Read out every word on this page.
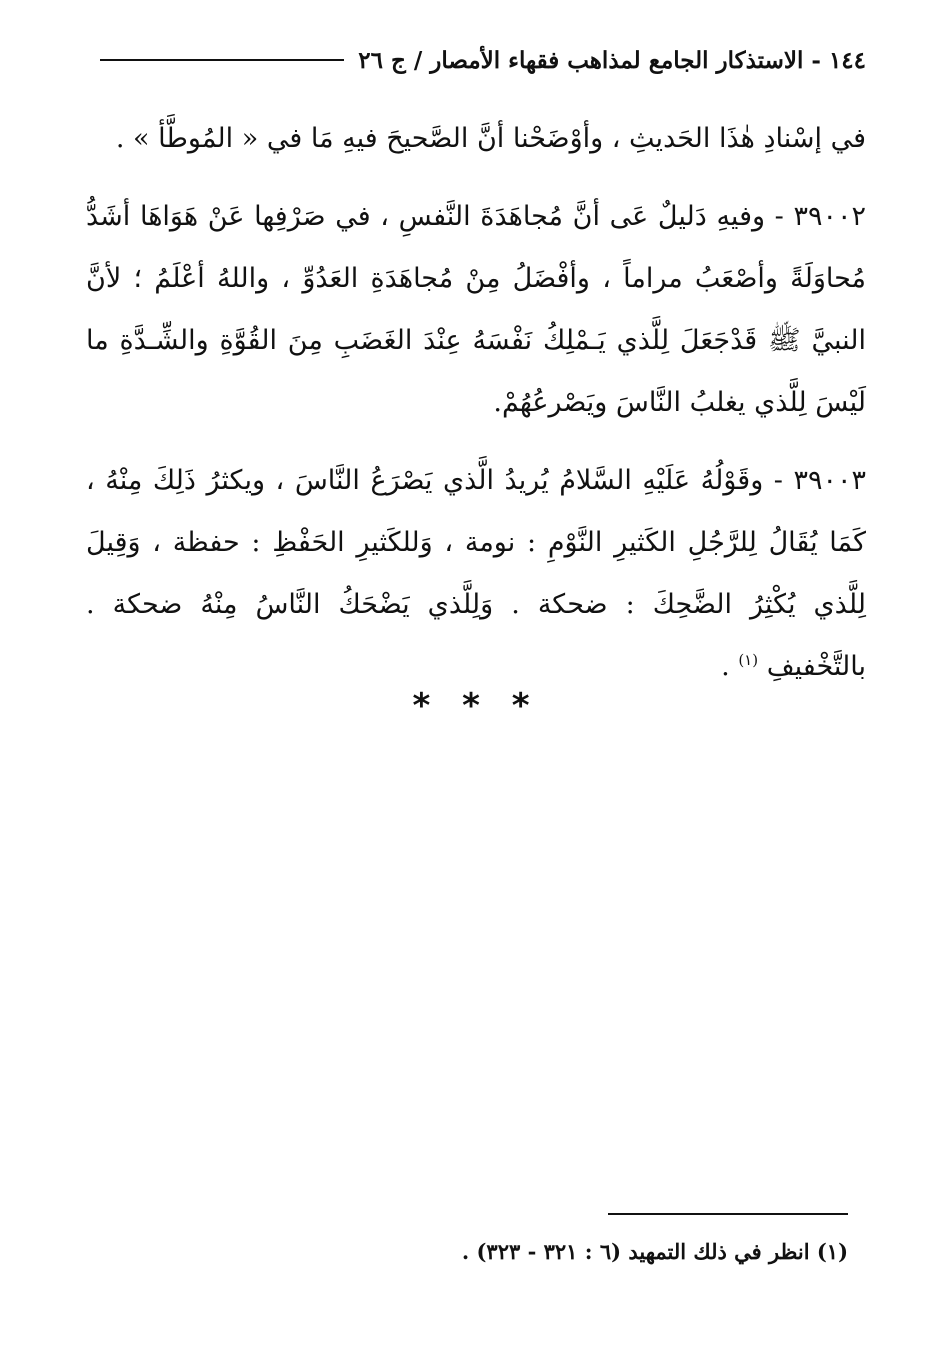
١٤٤ - الاستذكار الجامع لمذاهب فقهاء الأمصار / ج ٢٦

في إسْنادِ هٰذَا الحَديثِ ، وأوْضَحْنا أنَّ الصَّحيحَ فيهِ مَا في « المُوطَّأ » .

٣٩٠٠٢ - وفيهِ دَليلٌ عَى أنَّ مُجاهَدَةَ النَّفسِ ، في صَرْفِها عَنْ هَوَاهَا أشَدُّ مُحاوَلَةً وأصْعَبُ مراماً ، وأفْضَلُ مِنْ مُجاهَدَةِ العَدُوِّ ، واللهُ أعْلَمُ ؛ لأنَّ النبيَّ ﷺ قَدْجَعَلَ لِلَّذي يَـمْلِكُ نَفْسَهُ عِنْدَ الغَضَبِ مِنَ القُوَّةِ والشِّـدَّةِ ما لَيْسَ لِلَّذي يغلبُ النَّاسَ ويَصْرعُهُمْ.

٣٩٠٠٣ - وقَوْلُهُ عَلَيْهِ السَّلامُ يُريدُ الَّذي يَصْرَعُ النَّاسَ ، ويكثرُ ذَلِكَ مِنْهُ ، كَمَا يُقَالُ لِلرَّجُلِ الكَثيرِ النَّوْمِ : نومة ، وَللكَثيرِ الحَفْظِ : حفظة ، وَقِيلَ لِلَّذي يُكْثِرُ الضَّحِكَ : ضحكة . وَلِلَّذي يَضْحَكُ النَّاسُ مِنْهُ ضحكة . بالتَّخْفيفِ $^{(١)}$ .

* * *
(١) انظر في ذلك التمهيد (٦ : ٣٢١ - ٣٢٣) .
